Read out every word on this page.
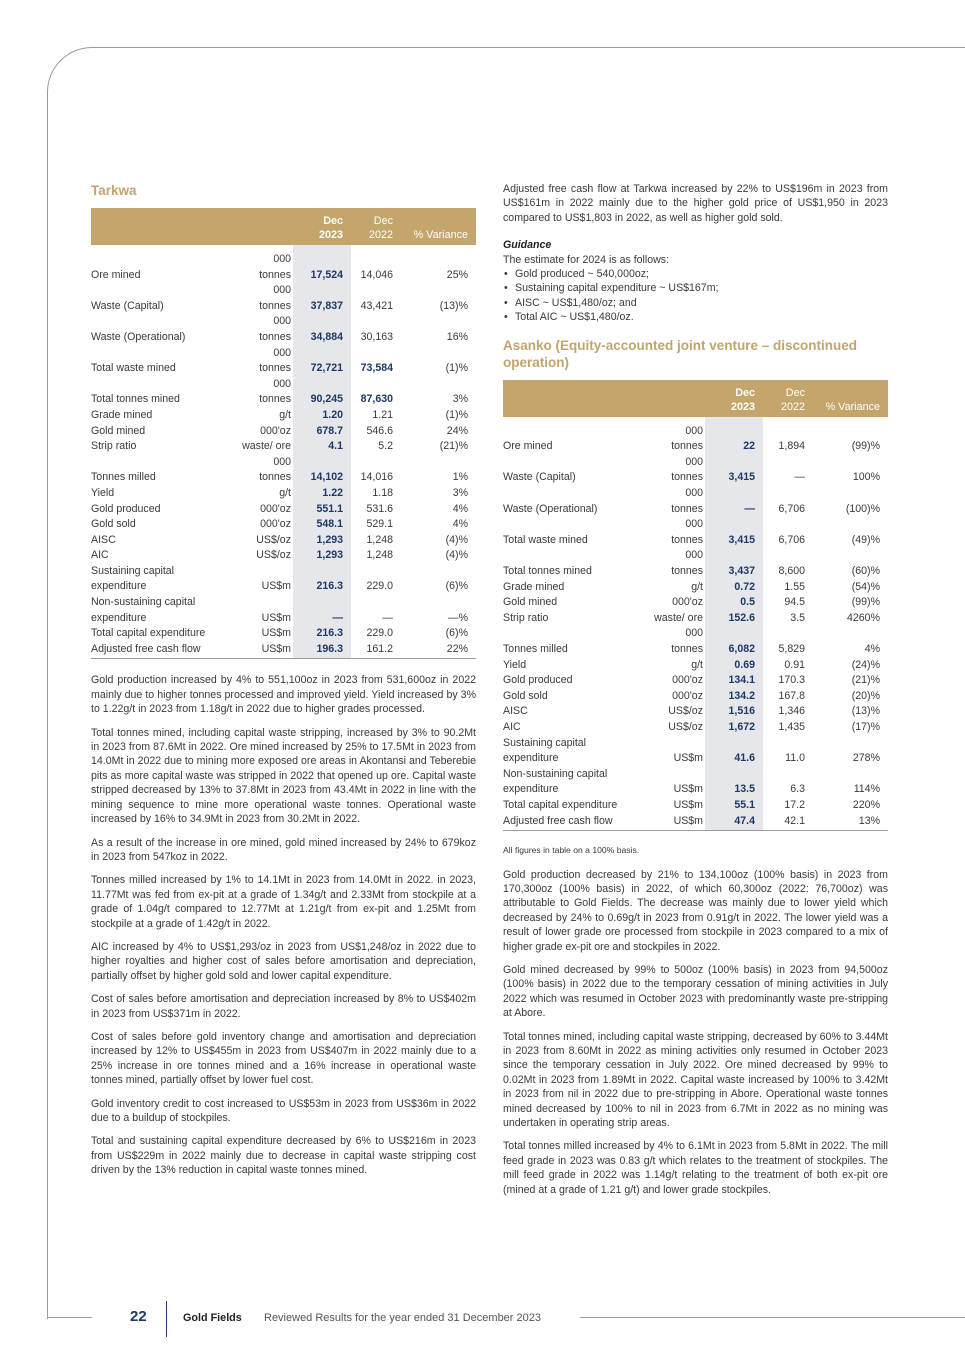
Tarkwa
		Dec 2023	Dec 2022	% Variance

Ore mined	000 tonnes	17,524	14,046	25%
Waste (Capital)	000 tonnes	37,837	43,421	(13)%
Waste (Operational)	000 tonnes	34,884	30,163	16%
Total waste mined	000 tonnes	72,721	73,584	(1)%
Total tonnes mined	000 tonnes	90,245	87,630	3%
Grade mined	g/t	1.20	1.21	(1)%
Gold mined	000'oz	678.7	546.6	24%
Strip ratio	waste/ ore	4.1	5.2	(21)%
Tonnes milled	000 tonnes	14,102	14,016	1%
Yield	g/t	1.22	1.18	3%
Gold produced	000'oz	551.1	531.6	4%
Gold sold	000'oz	548.1	529.1	4%
AISC	US$/oz	1,293	1,248	(4)%
AIC	US$/oz	1,293	1,248	(4)%
Sustaining capital expenditure	US$m	216.3	229.0	(6)%
Non-sustaining capital expenditure	US$m	—	—	—%
Total capital expenditure	US$m	216.3	229.0	(6)%
Adjusted free cash flow	US$m	196.3	161.2	22%

Gold production increased by 4% to 551,100oz in 2023 from 531,600oz in 2022 mainly due to higher tonnes processed and improved yield. Yield increased by 3% to 1.22g/t in 2023 from 1.18g/t in 2022 due to higher grades processed.

Total tonnes mined, including capital waste stripping, increased by 3% to 90.2Mt in 2023 from 87.6Mt in 2022. Ore mined increased by 25% to 17.5Mt in 2023 from 14.0Mt in 2022 due to mining more exposed ore areas in Akontansi and Teberebie pits as more capital waste was stripped in 2022 that opened up ore. Capital waste stripped decreased by 13% to 37.8Mt in 2023 from 43.4Mt in 2022 in line with the mining sequence to mine more operational waste tonnes. Operational waste increased by 16% to 34.9Mt in 2023 from 30.2Mt in 2022.

As a result of the increase in ore mined, gold mined increased by 24% to 679koz in 2023 from 547koz in 2022.

Tonnes milled increased by 1% to 14.1Mt in 2023 from 14.0Mt in 2022. in 2023, 11.77Mt was fed from ex-pit at a grade of 1.34g/t and 2.33Mt from stockpile at a grade of 1.04g/t compared to 12.77Mt at 1.21g/t from ex-pit and 1.25Mt from stockpile at a grade of 1.42g/t in 2022.

AIC increased by 4% to US$1,293/oz in 2023 from US$1,248/oz in 2022 due to higher royalties and higher cost of sales before amortisation and depreciation, partially offset by higher gold sold and lower capital expenditure.

Cost of sales before amortisation and depreciation increased by 8% to US$402m in 2023 from US$371m in 2022.

Cost of sales before gold inventory change and amortisation and depreciation increased by 12% to US$455m in 2023 from US$407m in 2022 mainly due to a 25% increase in ore tonnes mined and a 16% increase in operational waste tonnes mined, partially offset by lower fuel cost.

Gold inventory credit to cost increased to US$53m in 2023 from US$36m in 2022 due to a buildup of stockpiles.

Total and sustaining capital expenditure decreased by 6% to US$216m in 2023 from US$229m in 2022 mainly due to decrease in capital waste stripping cost driven by the 13% reduction in capital waste tonnes mined.

Adjusted free cash flow at Tarkwa increased by 22% to US$196m in 2023 from US$161m in 2022 mainly due to the higher gold price of US$1,950 in 2023 compared to US$1,803 in 2022, as well as higher gold sold.

Guidance
The estimate for 2024 is as follows:
• Gold produced ~ 540,000oz;
• Sustaining capital expenditure ~ US$167m;
• AISC ~ US$1,480/oz; and
• Total AIC ~ US$1,480/oz.
Asanko (Equity-accounted joint venture – discontinued operation)
		Dec 2023	Dec 2022	% Variance

Ore mined	000 tonnes	22	1,894	(99)%
Waste (Capital)	000 tonnes	3,415	—	100%
Waste (Operational)	000 tonnes	—	6,706	(100)%
Total waste mined	000 tonnes	3,415	6,706	(49)%
Total tonnes mined	000 tonnes	3,437	8,600	(60)%
Grade mined	g/t	0.72	1.55	(54)%
Gold mined	000'oz	0.5	94.5	(99)%
Strip ratio	waste/ ore	152.6	3.5	4260%
Tonnes milled	000 tonnes	6,082	5,829	4%
Yield	g/t	0.69	0.91	(24)%
Gold produced	000'oz	134.1	170.3	(21)%
Gold sold	000'oz	134.2	167.8	(20)%
AISC	US$/oz	1,516	1,346	(13)%
AIC	US$/oz	1,672	1,435	(17)%
Sustaining capital expenditure	US$m	41.6	11.0	278%
Non-sustaining capital expenditure	US$m	13.5	6.3	114%
Total capital expenditure	US$m	55.1	17.2	220%
Adjusted free cash flow	US$m	47.4	42.1	13%

All figures in table on a 100% basis.

Gold production decreased by 21% to 134,100oz (100% basis) in 2023 from 170,300oz (100% basis) in 2022, of which 60,300oz (2022: 76,700oz) was attributable to Gold Fields. The decrease was mainly due to lower yield which decreased by 24% to 0.69g/t in 2023 from 0.91g/t in 2022. The lower yield was a result of lower grade ore processed from stockpile in 2023 compared to a mix of higher grade ex-pit ore and stockpiles in 2022.

Gold mined decreased by 99% to 500oz (100% basis) in 2023 from 94,500oz (100% basis) in 2022 due to the temporary cessation of mining activities in July 2022 which was resumed in October 2023 with predominantly waste pre-stripping at Abore.

Total tonnes mined, including capital waste stripping, decreased by 60% to 3.44Mt in 2023 from 8.60Mt in 2022 as mining activities only resumed in October 2023 since the temporary cessation in July 2022. Ore mined decreased by 99% to 0.02Mt in 2023 from 1.89Mt in 2022. Capital waste increased by 100% to 3.42Mt in 2023 from nil in 2022 due to pre-stripping in Abore. Operational waste tonnes mined decreased by 100% to nil in 2023 from 6.7Mt in 2022 as no mining was undertaken in operating strip areas.

Total tonnes milled increased by 4% to 6.1Mt in 2023 from 5.8Mt in 2022. The mill feed grade in 2023 was 0.83 g/t which relates to the treatment of stockpiles. The mill feed grade in 2022 was 1.14g/t relating to the treatment of both ex-pit ore (mined at a grade of 1.21 g/t) and lower grade stockpiles.

22	Gold Fields Reviewed Results for the year ended 31 December 2023
